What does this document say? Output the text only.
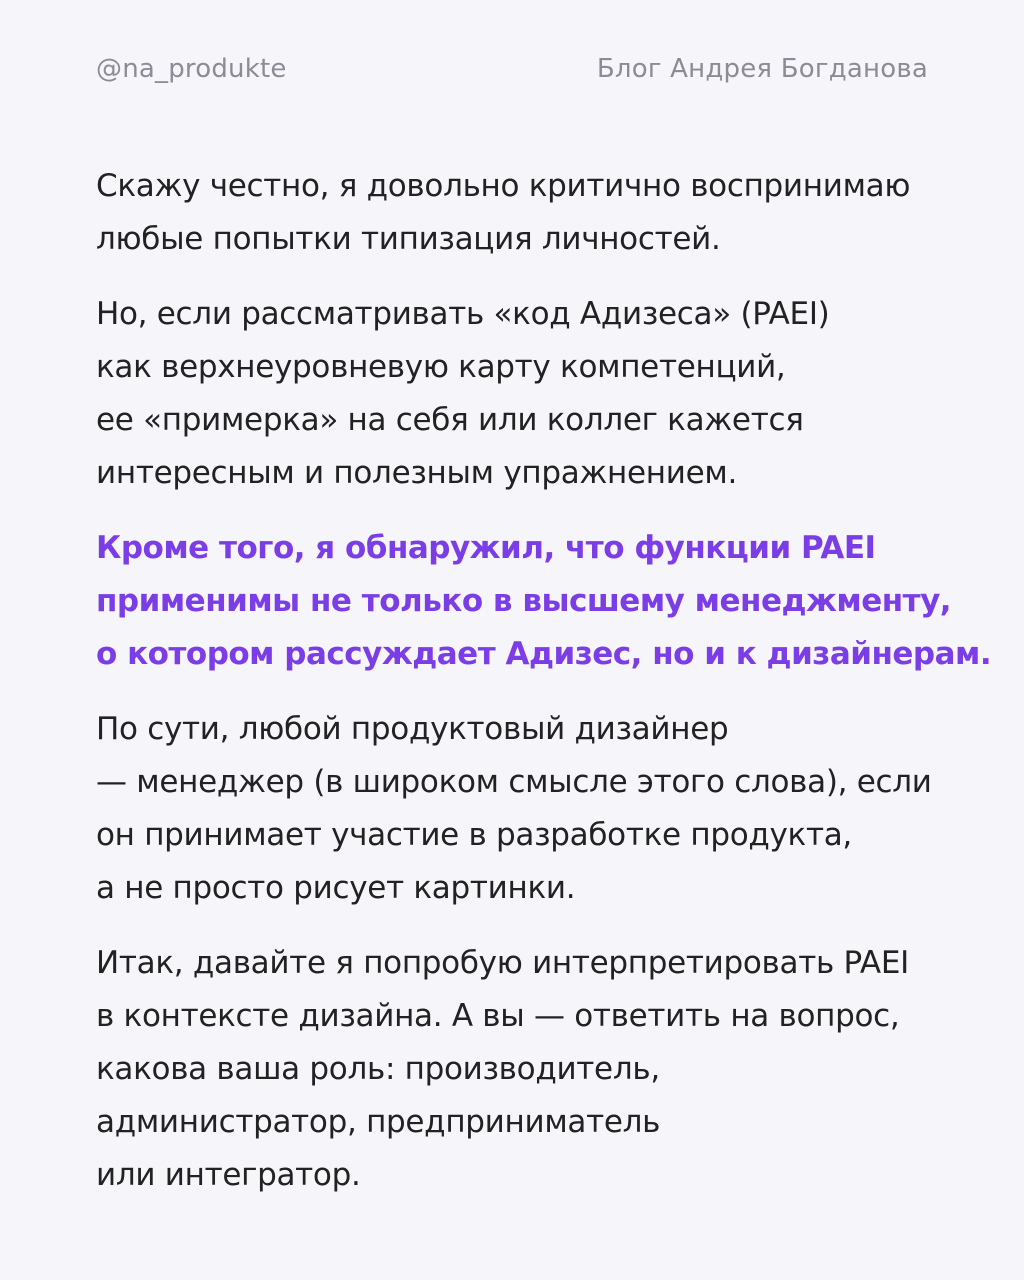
@na_produkte	Блог Андрея Богданова

Скажу честно, я довольно критично воспринимаю
любые попытки типизация личностей.

Но, если рассматривать «код Адизеса» (PAEI)
как верхнеуровневую карту компетенций,
ее «примерка» на себя или коллег кажется
интересным и полезным упражнением.

Кроме того, я обнаружил, что функции PAEI
применимы не только в высшему менеджменту,
о котором рассуждает Адизес, но и к дизайнерам.

По сути, любой продуктовый дизайнер
— менеджер (в широком смысле этого слова), если
он принимает участие в разработке продукта,
а не просто рисует картинки.

Итак, давайте я попробую интерпретировать PAEI
в контексте дизайна. А вы — ответить на вопрос,
какова ваша роль: производитель,
администратор, предприниматель
или интегратор.
